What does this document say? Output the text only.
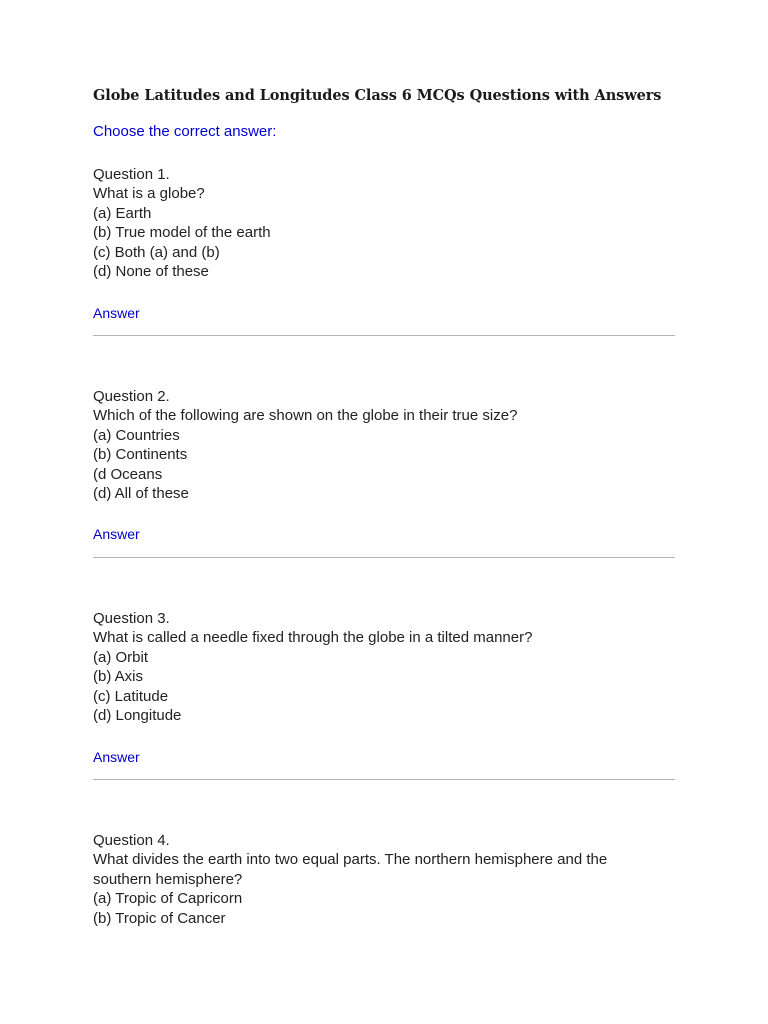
Globe Latitudes and Longitudes Class 6 MCQs Questions with Answers
Choose the correct answer:

Question 1.

What is a globe?

(a) Earth

(b) True model of the earth

(c) Both (a) and (b)

(d) None of these

Answer

Question 2.

Which of the following are shown on the globe in their true size?

(a) Countries

(b) Continents

(d Oceans

(d) All of these

Answer

Question 3.

What is called a needle fixed through the globe in a tilted manner?

(a) Orbit

(b) Axis

(c) Latitude

(d) Longitude

Answer

Question 4.

What divides the earth into two equal parts. The northern hemisphere and the

southern hemisphere?

(a) Tropic of Capricorn

(b) Tropic of Cancer
